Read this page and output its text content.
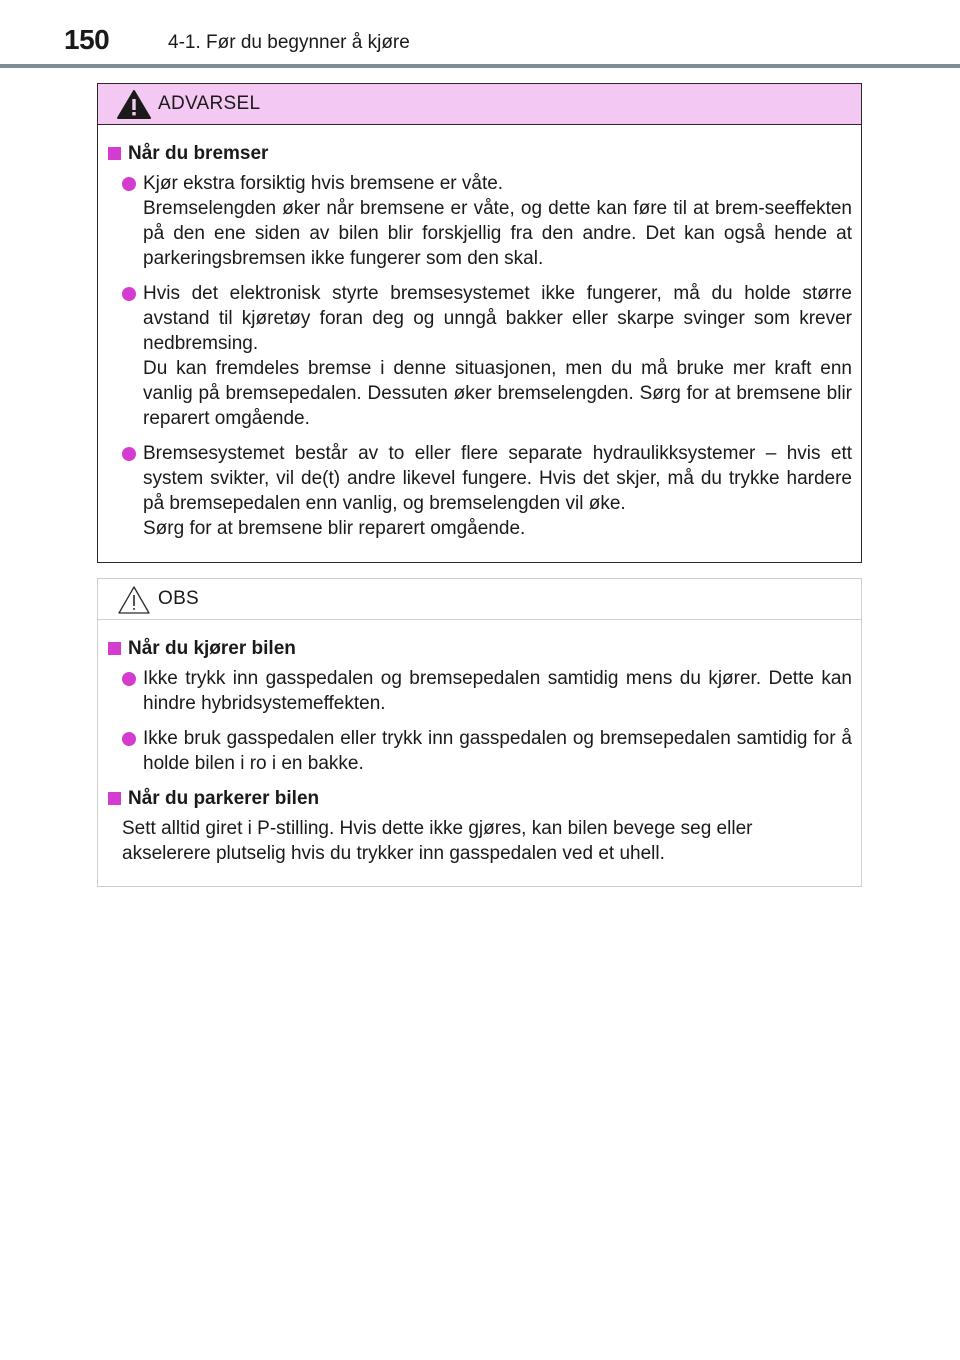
150	4-1. Før du begynner å kjøre
ADVARSEL
Når du bremser
Kjør ekstra forsiktig hvis bremsene er våte.
Bremselengden øker når bremsene er våte, og dette kan føre til at brem-seeffekten på den ene siden av bilen blir forskjellig fra den andre. Det kan også hende at parkeringsbremsen ikke fungerer som den skal.
Hvis det elektronisk styrte bremsesystemet ikke fungerer, må du holde større avstand til kjøretøy foran deg og unngå bakker eller skarpe svinger som krever nedbremsing.
Du kan fremdeles bremse i denne situasjonen, men du må bruke mer kraft enn vanlig på bremsepedalen. Dessuten øker bremselengden. Sørg for at bremsene blir reparert omgående.
Bremsesystemet består av to eller flere separate hydraulikksystemer – hvis ett system svikter, vil de(t) andre likevel fungere. Hvis det skjer, må du trykke hardere på bremsepedalen enn vanlig, og bremselengden vil øke.
Sørg for at bremsene blir reparert omgående.
OBS
Når du kjører bilen
Ikke trykk inn gasspedalen og bremsepedalen samtidig mens du kjører. Dette kan hindre hybridsystemeffekten.
Ikke bruk gasspedalen eller trykk inn gasspedalen og bremsepedalen samtidig for å holde bilen i ro i en bakke.
Når du parkerer bilen
Sett alltid giret i P-stilling. Hvis dette ikke gjøres, kan bilen bevege seg eller
akselerere plutselig hvis du trykker inn gasspedalen ved et uhell.
